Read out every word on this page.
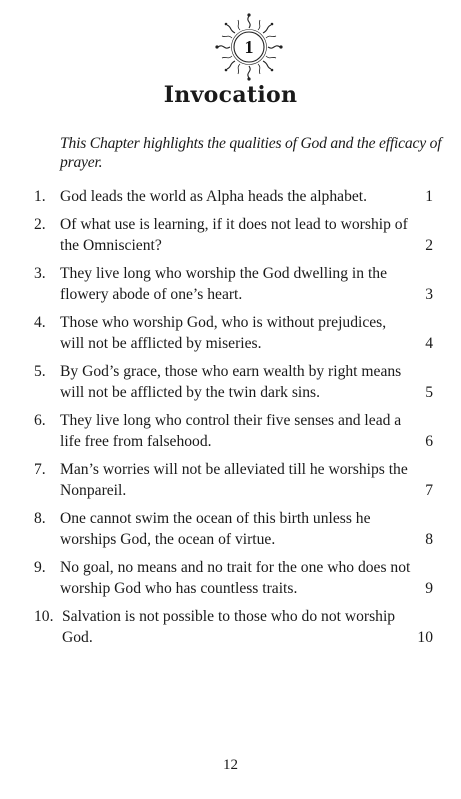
1
Invocation
This Chapter highlights the qualities of God and the efficacy of prayer.
1. God leads the world as Alpha heads the alphabet.	1
2. Of what use is learning, if it does not lead to worship of the Omniscient?	2
3. They live long who worship the God dwelling in the flowery abode of one’s heart.	3
4. Those who worship God, who is without prejudices, will not be afflicted by miseries.	4
5. By God’s grace, those who earn wealth by right means will not be afflicted by the twin dark sins.	5
6. They live long who control their five senses and lead a life free from falsehood.	6
7. Man’s worries will not be alleviated till he worships the Nonpareil.	7
8. One cannot swim the ocean of this birth unless he worships God, the ocean of virtue.	8
9. No goal, no means and no trait for the one who does not worship God who has countless traits.	9
10. Salvation is not possible to those who do not worship God.	10
12
